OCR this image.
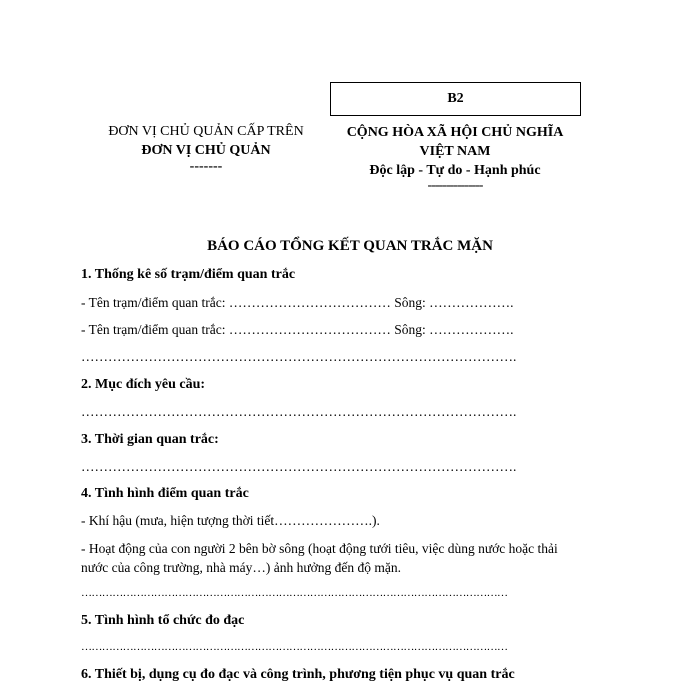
B2
ĐƠN VỊ CHỦ QUẢN CẤP TRÊN
ĐƠN VỊ CHỦ QUẢN
-------
CỘNG HÒA XÃ HỘI CHỦ NGHĨA
VIỆT NAM
Độc lập - Tự do - Hạnh phúc
---------------
BÁO CÁO TỔNG KẾT QUAN TRẮC MẶN
1. Thống kê số trạm/điểm quan trắc
- Tên trạm/điểm quan trắc: ……………………………… Sông: ……………….
- Tên trạm/điểm quan trắc: ……………………………… Sông: ……………….
…………………………………………………………………………………….
2. Mục đích yêu cầu:
…………………………………………………………………………………….
3. Thời gian quan trắc:
…………………………………………………………………………………….
4. Tình hình điểm quan trắc
- Khí hậu (mưa, hiện tượng thời tiết………………….).
- Hoạt động của con người 2 bên bờ sông (hoạt động tưới tiêu, việc dùng nước hoặc thải
nước của công trường, nhà máy…) ảnh hưởng đến độ mặn.
……………………………………………………………………………………………………………
5. Tình hình tổ chức đo đạc
……………………………………………………………………………………………………………
6. Thiết bị, dụng cụ đo đạc và công trình, phương tiện phục vụ quan trắc
